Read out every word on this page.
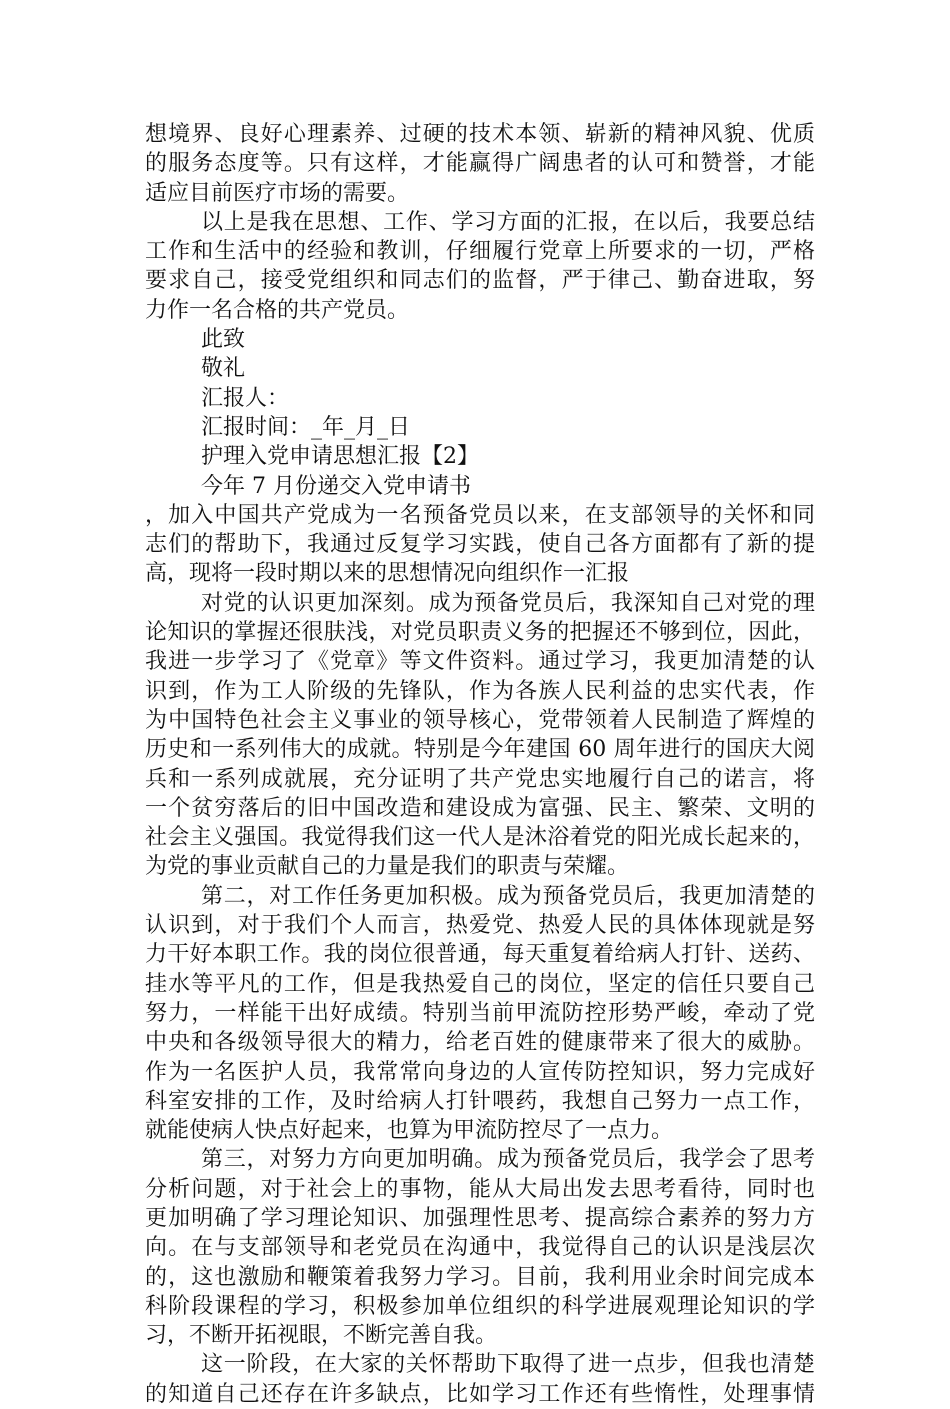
想境界、良好心理素养、过硬的技术本领、崭新的精神风貌、优质
的服务态度等。只有这样，才能赢得广阔患者的认可和赞誉，才能
适应目前医疗市场的需要。
以上是我在思想、工作、学习方面的汇报，在以后，我要总结
工作和生活中的经验和教训，仔细履行党章上所要求的一切，严格
要求自己，接受党组织和同志们的监督，严于律己、勤奋进取，努
力作一名合格的共产党员。
此致
敬礼
汇报人：
汇报时间：_年_月_日
护理入党申请思想汇报【2】
今年 7 月份递交入党申请书
，加入中国共产党成为一名预备党员以来，在支部领导的关怀和同
志们的帮助下，我通过反复学习实践，使自己各方面都有了新的提
高，现将一段时期以来的思想情况向组织作一汇报
对党的认识更加深刻。成为预备党员后，我深知自己对党的理
论知识的掌握还很肤浅，对党员职责义务的把握还不够到位，因此，
我进一步学习了《党章》等文件资料。通过学习，我更加清楚的认
识到，作为工人阶级的先锋队，作为各族人民利益的忠实代表，作
为中国特色社会主义事业的领导核心，党带领着人民制造了辉煌的
历史和一系列伟大的成就。特别是今年建国 60 周年进行的国庆大阅
兵和一系列成就展，充分证明了共产党忠实地履行自己的诺言，将
一个贫穷落后的旧中国改造和建设成为富强、民主、繁荣、文明的
社会主义强国。我觉得我们这一代人是沐浴着党的阳光成长起来的，
为党的事业贡献自己的力量是我们的职责与荣耀。
第二，对工作任务更加积极。成为预备党员后，我更加清楚的
认识到，对于我们个人而言，热爱党、热爱人民的具体体现就是努
力干好本职工作。我的岗位很普通，每天重复着给病人打针、送药、
挂水等平凡的工作，但是我热爱自己的岗位，坚定的信任只要自己
努力，一样能干出好成绩。特别当前甲流防控形势严峻，牵动了党
中央和各级领导很大的精力，给老百姓的健康带来了很大的威胁。
作为一名医护人员，我常常向身边的人宣传防控知识，努力完成好
科室安排的工作，及时给病人打针喂药，我想自己努力一点工作，
就能使病人快点好起来，也算为甲流防控尽了一点力。
第三，对努力方向更加明确。成为预备党员后，我学会了思考
分析问题，对于社会上的事物，能从大局出发去思考看待，同时也
更加明确了学习理论知识、加强理性思考、提高综合素养的努力方
向。在与支部领导和老党员在沟通中，我觉得自己的认识是浅层次
的，这也激励和鞭策着我努力学习。目前，我利用业余时间完成本
科阶段课程的学习，积极参加单位组织的科学进展观理论知识的学
习，不断开拓视眼，不断完善自我。
这一阶段，在大家的关怀帮助下取得了进一点步，但我也清楚
的知道自己还存在许多缺点，比如学习工作还有些惰性，处理事情
